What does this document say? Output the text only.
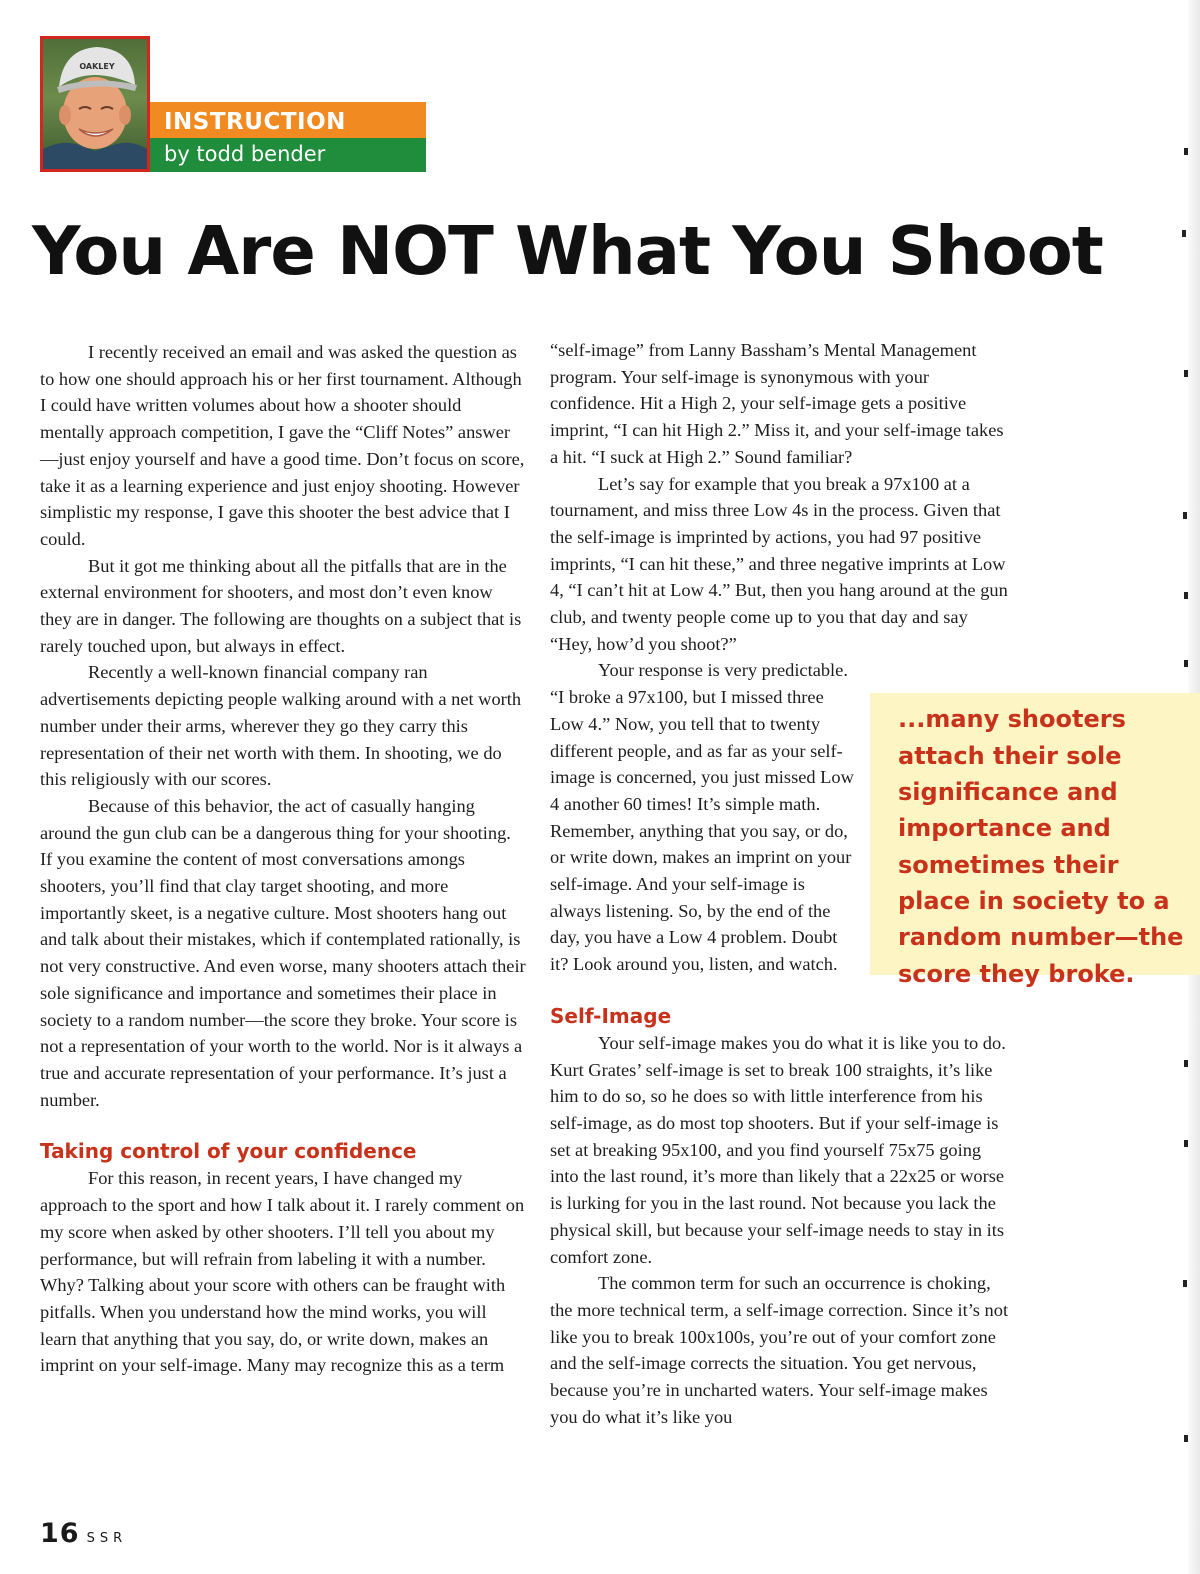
OAKLEY
INSTRUCTION
by todd bender
You Are NOT What You Shoot

I recently received an email and was asked the question as to how one should approach his or her first tournament. Although I could have written volumes about how a shooter should mentally approach competition, I gave the “Cliff Notes” answer—just enjoy yourself and have a good time. Don’t focus on score, take it as a learning experience and just enjoy shooting. However simplistic my response, I gave this shooter the best advice that I could.

But it got me thinking about all the pitfalls that are in the external environment for shooters, and most don’t even know they are in danger. The following are thoughts on a subject that is rarely touched upon, but always in effect.

Recently a well-known financial company ran advertisements depicting people walking around with a net worth number under their arms, wherever they go they carry this representation of their net worth with them. In shooting, we do this religiously with our scores.

Because of this behavior, the act of casually hanging around the gun club can be a dangerous thing for your shooting. If you examine the content of most conversations amongs shooters, you’ll find that clay target shooting, and more importantly skeet, is a negative culture. Most shooters hang out and talk about their mistakes, which if contemplated rationally, is not very constructive. And even worse, many shooters attach their sole significance and importance and sometimes their place in society to a random number—the score they broke. Your score is not a representation of your worth to the world. Nor is it always a true and accurate representation of your performance. It’s just a number.

Taking control of your confidence

For this reason, in recent years, I have changed my approach to the sport and how I talk about it. I rarely comment on my score when asked by other shooters. I’ll tell you about my performance, but will refrain from labeling it with a number. Why? Talking about your score with others can be fraught with pitfalls. When you understand how the mind works, you will learn that anything that you say, do, or write down, makes an imprint on your self-image. Many may recognize this as a term

“self-image” from Lanny Bassham’s Mental Management program. Your self-image is synonymous with your confidence. Hit a High 2, your self-image gets a positive imprint, “I can hit High 2.” Miss it, and your self-image takes a hit. “I suck at High 2.” Sound familiar?

Let’s say for example that you break a 97x100 at a tournament, and miss three Low 4s in the process. Given that the self-image is imprinted by actions, you had 97 positive imprints, “I can hit these,” and three negative imprints at Low 4, “I can’t hit at Low 4.” But, then you hang around at the gun club, and twenty people come up to you that day and say “Hey, how’d you shoot?”

...many shooters attach their sole significance and importance and sometimes their place in society to a random number—the score they broke.
Your response is very predictable. “I broke a 97x100, but I missed three Low 4.” Now, you tell that to twenty different people, and as far as your self-image is concerned, you just missed Low 4 another 60 times! It’s simple math. Remember, anything that you say, or do, or write down, makes an imprint on your self-image. And your self-image is always listening. So, by the end of the day, you have a Low 4 problem. Doubt it? Look around you, listen, and watch.

Self-Image

Your self-image makes you do what it is like you to do. Kurt Grates’ self-image is set to break 100 straights, it’s like him to do so, so he does so with little interference from his self-image, as do most top shooters. But if your self-image is set at breaking 95x100, and you find yourself 75x75 going into the last round, it’s more than likely that a 22x25 or worse is lurking for you in the last round. Not because you lack the physical skill, but because your self-image needs to stay in its comfort zone.

The common term for such an occurrence is choking, the more technical term, a self-image correction. Since it’s not like you to break 100x100s, you’re out of your comfort zone and the self-image corrects the situation. You get nervous, because you’re in uncharted waters. Your self-image makes you do what it’s like you

16 SSR
